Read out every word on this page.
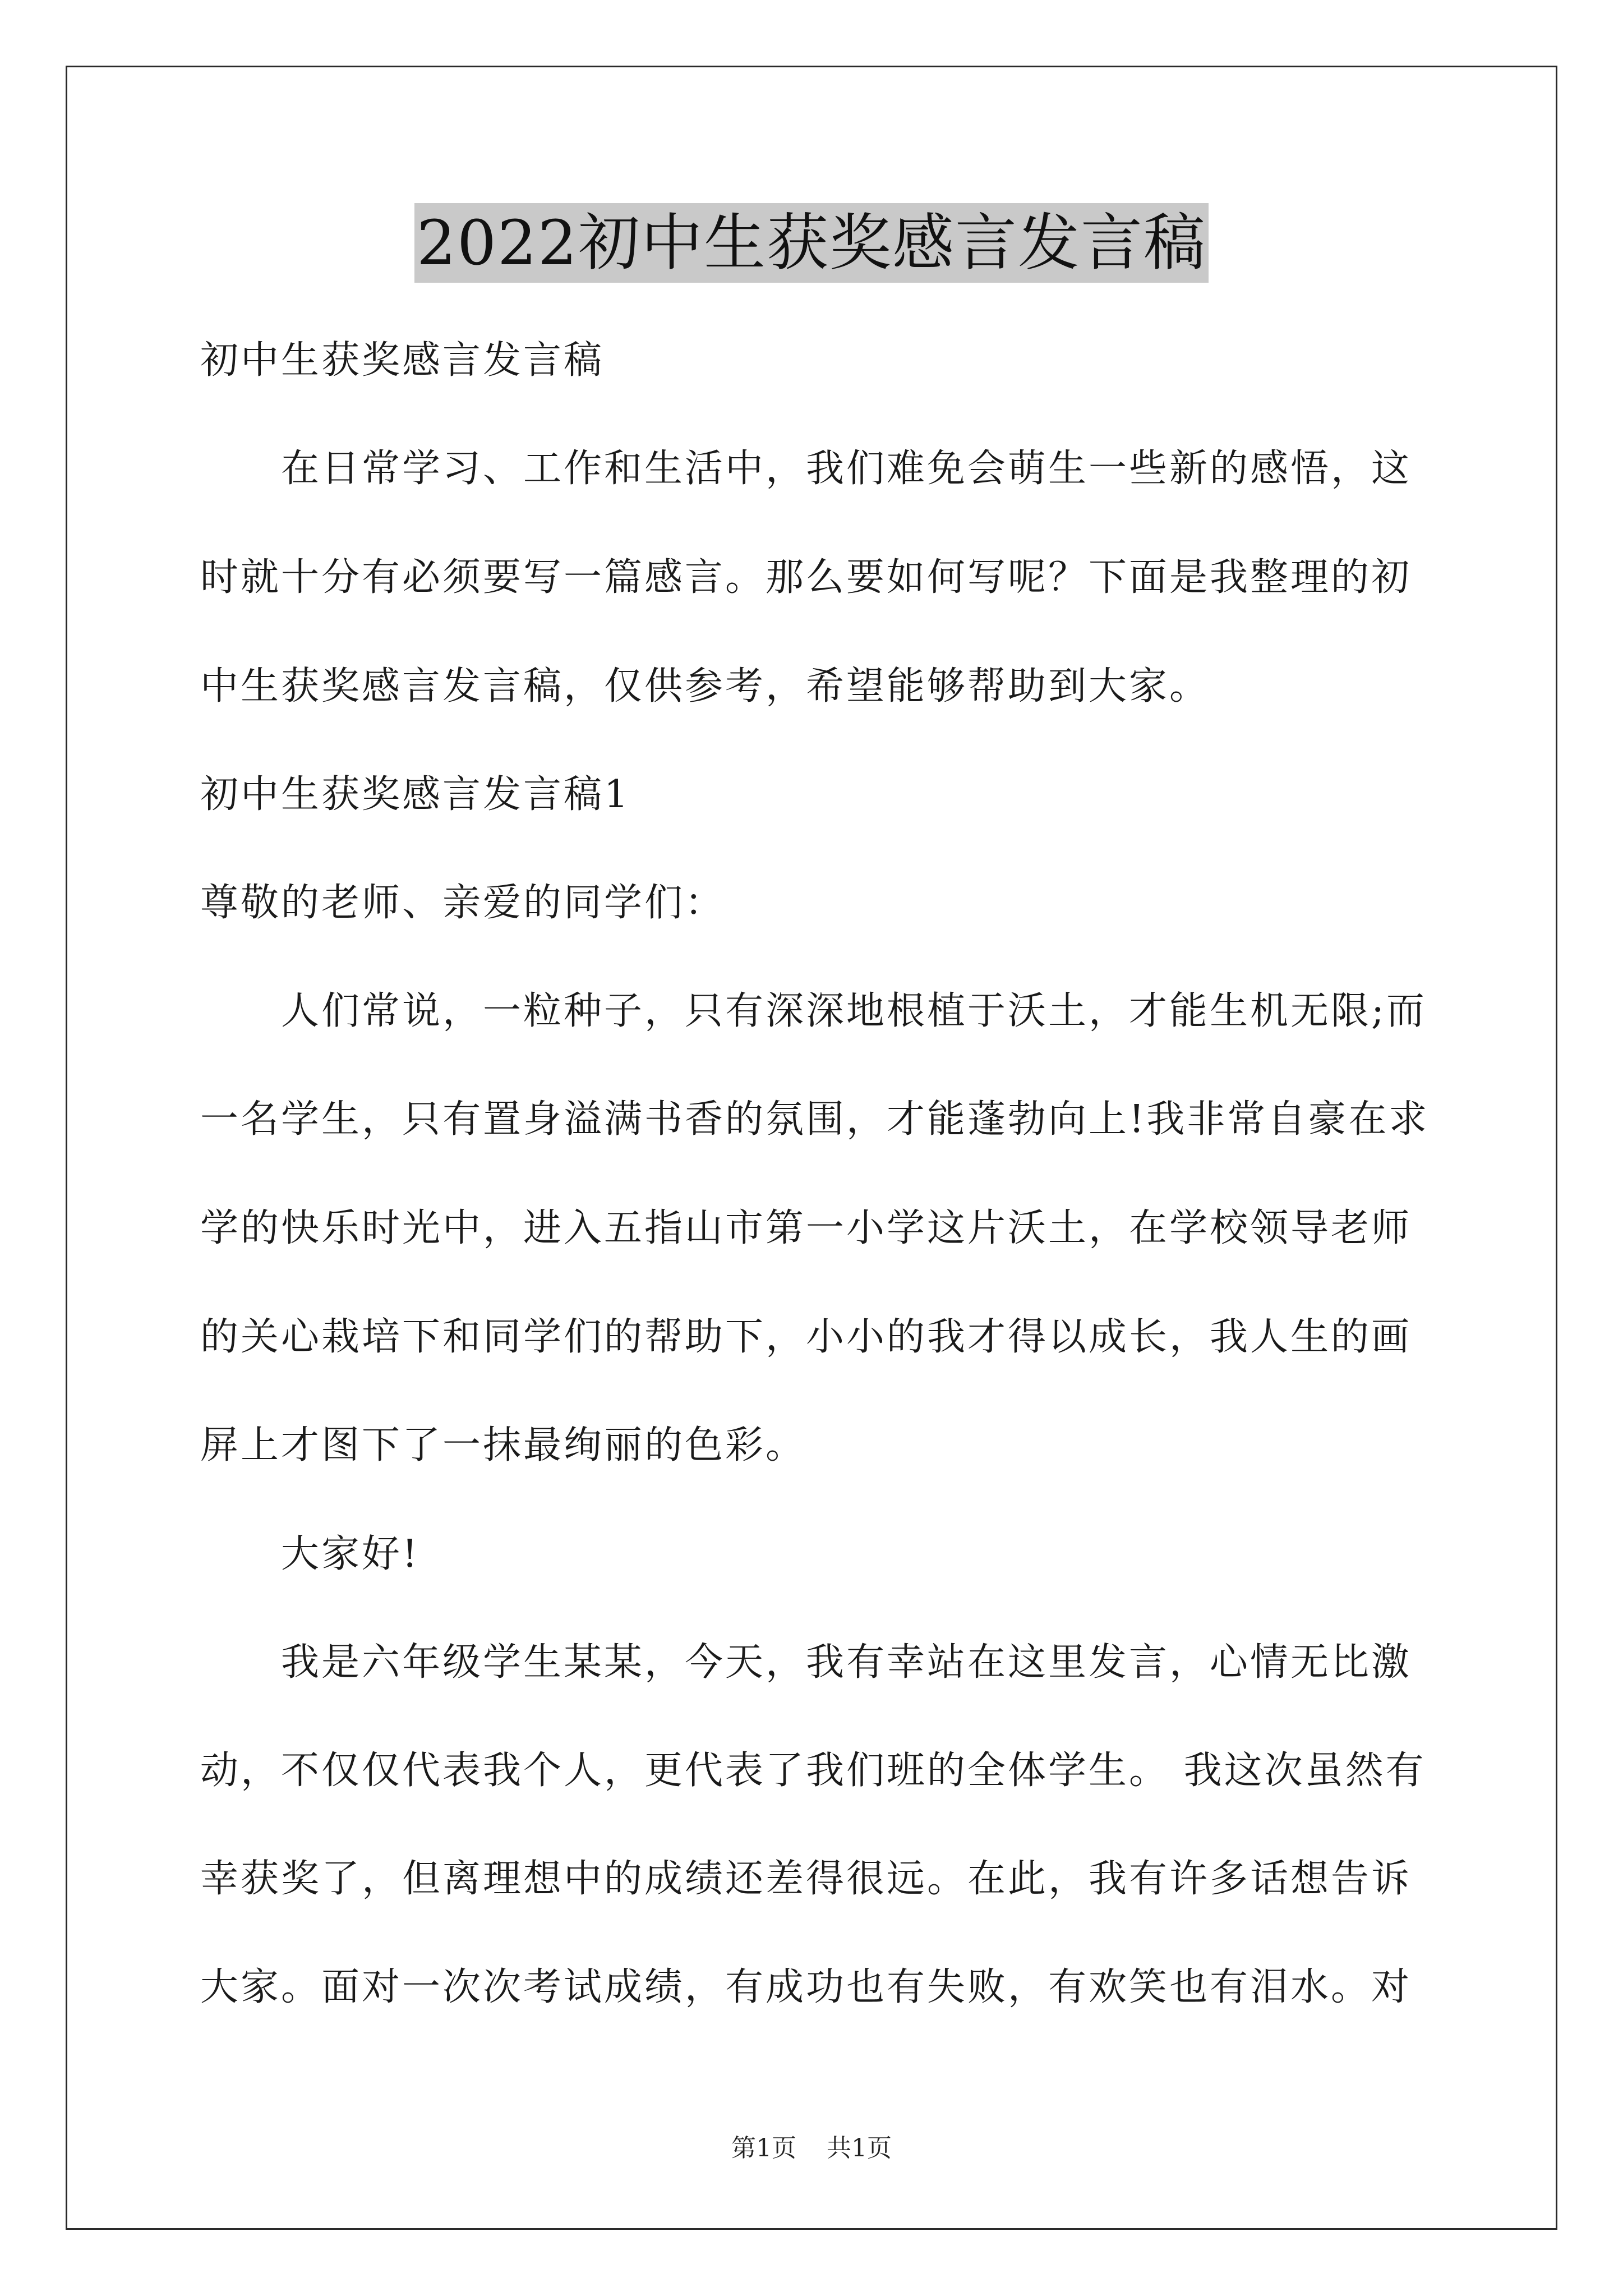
2022初中生获奖感言发言稿
初中生获奖感言发言稿
　　在日常学习、工作和生活中，我们难免会萌生一些新的感悟，这
时就十分有必须要写一篇感言。那么要如何写呢？下面是我整理的初
中生获奖感言发言稿，仅供参考，希望能够帮助到大家。
初中生获奖感言发言稿1
尊敬的老师、亲爱的同学们：
　　人们常说，一粒种子，只有深深地根植于沃土，才能生机无限;而
一名学生，只有置身溢满书香的氛围，才能蓬勃向上!我非常自豪在求
学的快乐时光中，进入五指山市第一小学这片沃土，在学校领导老师
的关心栽培下和同学们的帮助下，小小的我才得以成长，我人生的画
屏上才图下了一抹最绚丽的色彩。
　　大家好!
　　我是六年级学生某某，今天，我有幸站在这里发言，心情无比激
动，不仅仅代表我个人，更代表了我们班的全体学生。 我这次虽然有
幸获奖了，但离理想中的成绩还差得很远。在此，我有许多话想告诉
大家。面对一次次考试成绩，有成功也有失败，有欢笑也有泪水。对
第1页 共1页
